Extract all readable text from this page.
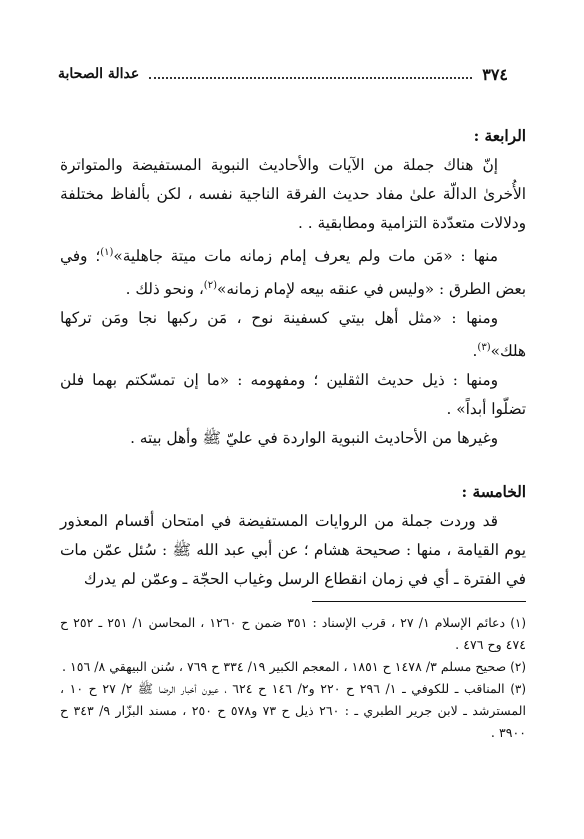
٣٧٤
عدالة الصحابة
الرابعة :
إنّ هناك جملة من الآيات والأحاديث النبوية المستفيضة والمتواترة الأُخرىٰ الدالّة علىٰ مفاد حديث الفرقة الناجية نفسه ، لكن بألفاظ مختلفة ودلالات متعدّدة التزامية ومطابقية . .
منها : «مَن مات ولم يعرف إمام زمانه مات ميتة جاهلية»$^{(١)}$؛ وفي بعض الطرق : «وليس في عنقه بيعه لإمام زمانه»$^{(٢)}$، ونحو ذلك .
ومنها : «مثل أهل بيتي كسفينة نوح ، مَن ركبها نجا ومَن تركها هلك»$^{(٣)}$.
ومنها : ذيل حديث الثقلين ؛ ومفهومه : «ما إن تمسّكتم بهما فلن تضلّوا أبداً» .
وغيرها من الأحاديث النبوية الواردة في عليّ ﷺ وأهل بيته .
الخامسة :
قد وردت جملة من الروايات المستفيضة في امتحان أقسام المعذور يوم القيامة ، منها : صحيحة هشام ؛ عن أبي عبد الله ﷺ : سُئل عمّن مات في الفترة ـ أي في زمان انقطاع الرسل وغياب الحجّة ـ وعمّن لم يدرك
(١) دعائم الإسلام ١/ ٢٧ ، قرب الإسناد : ٣٥١ ضمن ح ١٢٦٠ ، المحاسن ١/ ٢٥١ ـ ٢٥٢ ح ٤٧٤ وح ٤٧٦ .
(٢) صحيح مسلم ٣/ ١٤٧٨ ح ١٨٥١ ، المعجم الكبير ١٩/ ٣٣٤ ح ٧٦٩ ، سُنن البيهقي ٨/ ١٥٦ .
(٣) المناقب ـ للكوفي ـ ١/ ٢٩٦ ح ٢٢٠ و٢/ ١٤٦ ح ٦٢٤ ، عيون أخبار الرضا ﷺ ٢/ ٢٧ ح ١٠ ، المسترشد ـ لابن جرير الطبري ـ : ٢٦٠ ذيل ح ٧٣ و٥٧٨ ح ٢٥٠ ، مسند البزّار ٩/ ٣٤٣ ح ٣٩٠٠ .
